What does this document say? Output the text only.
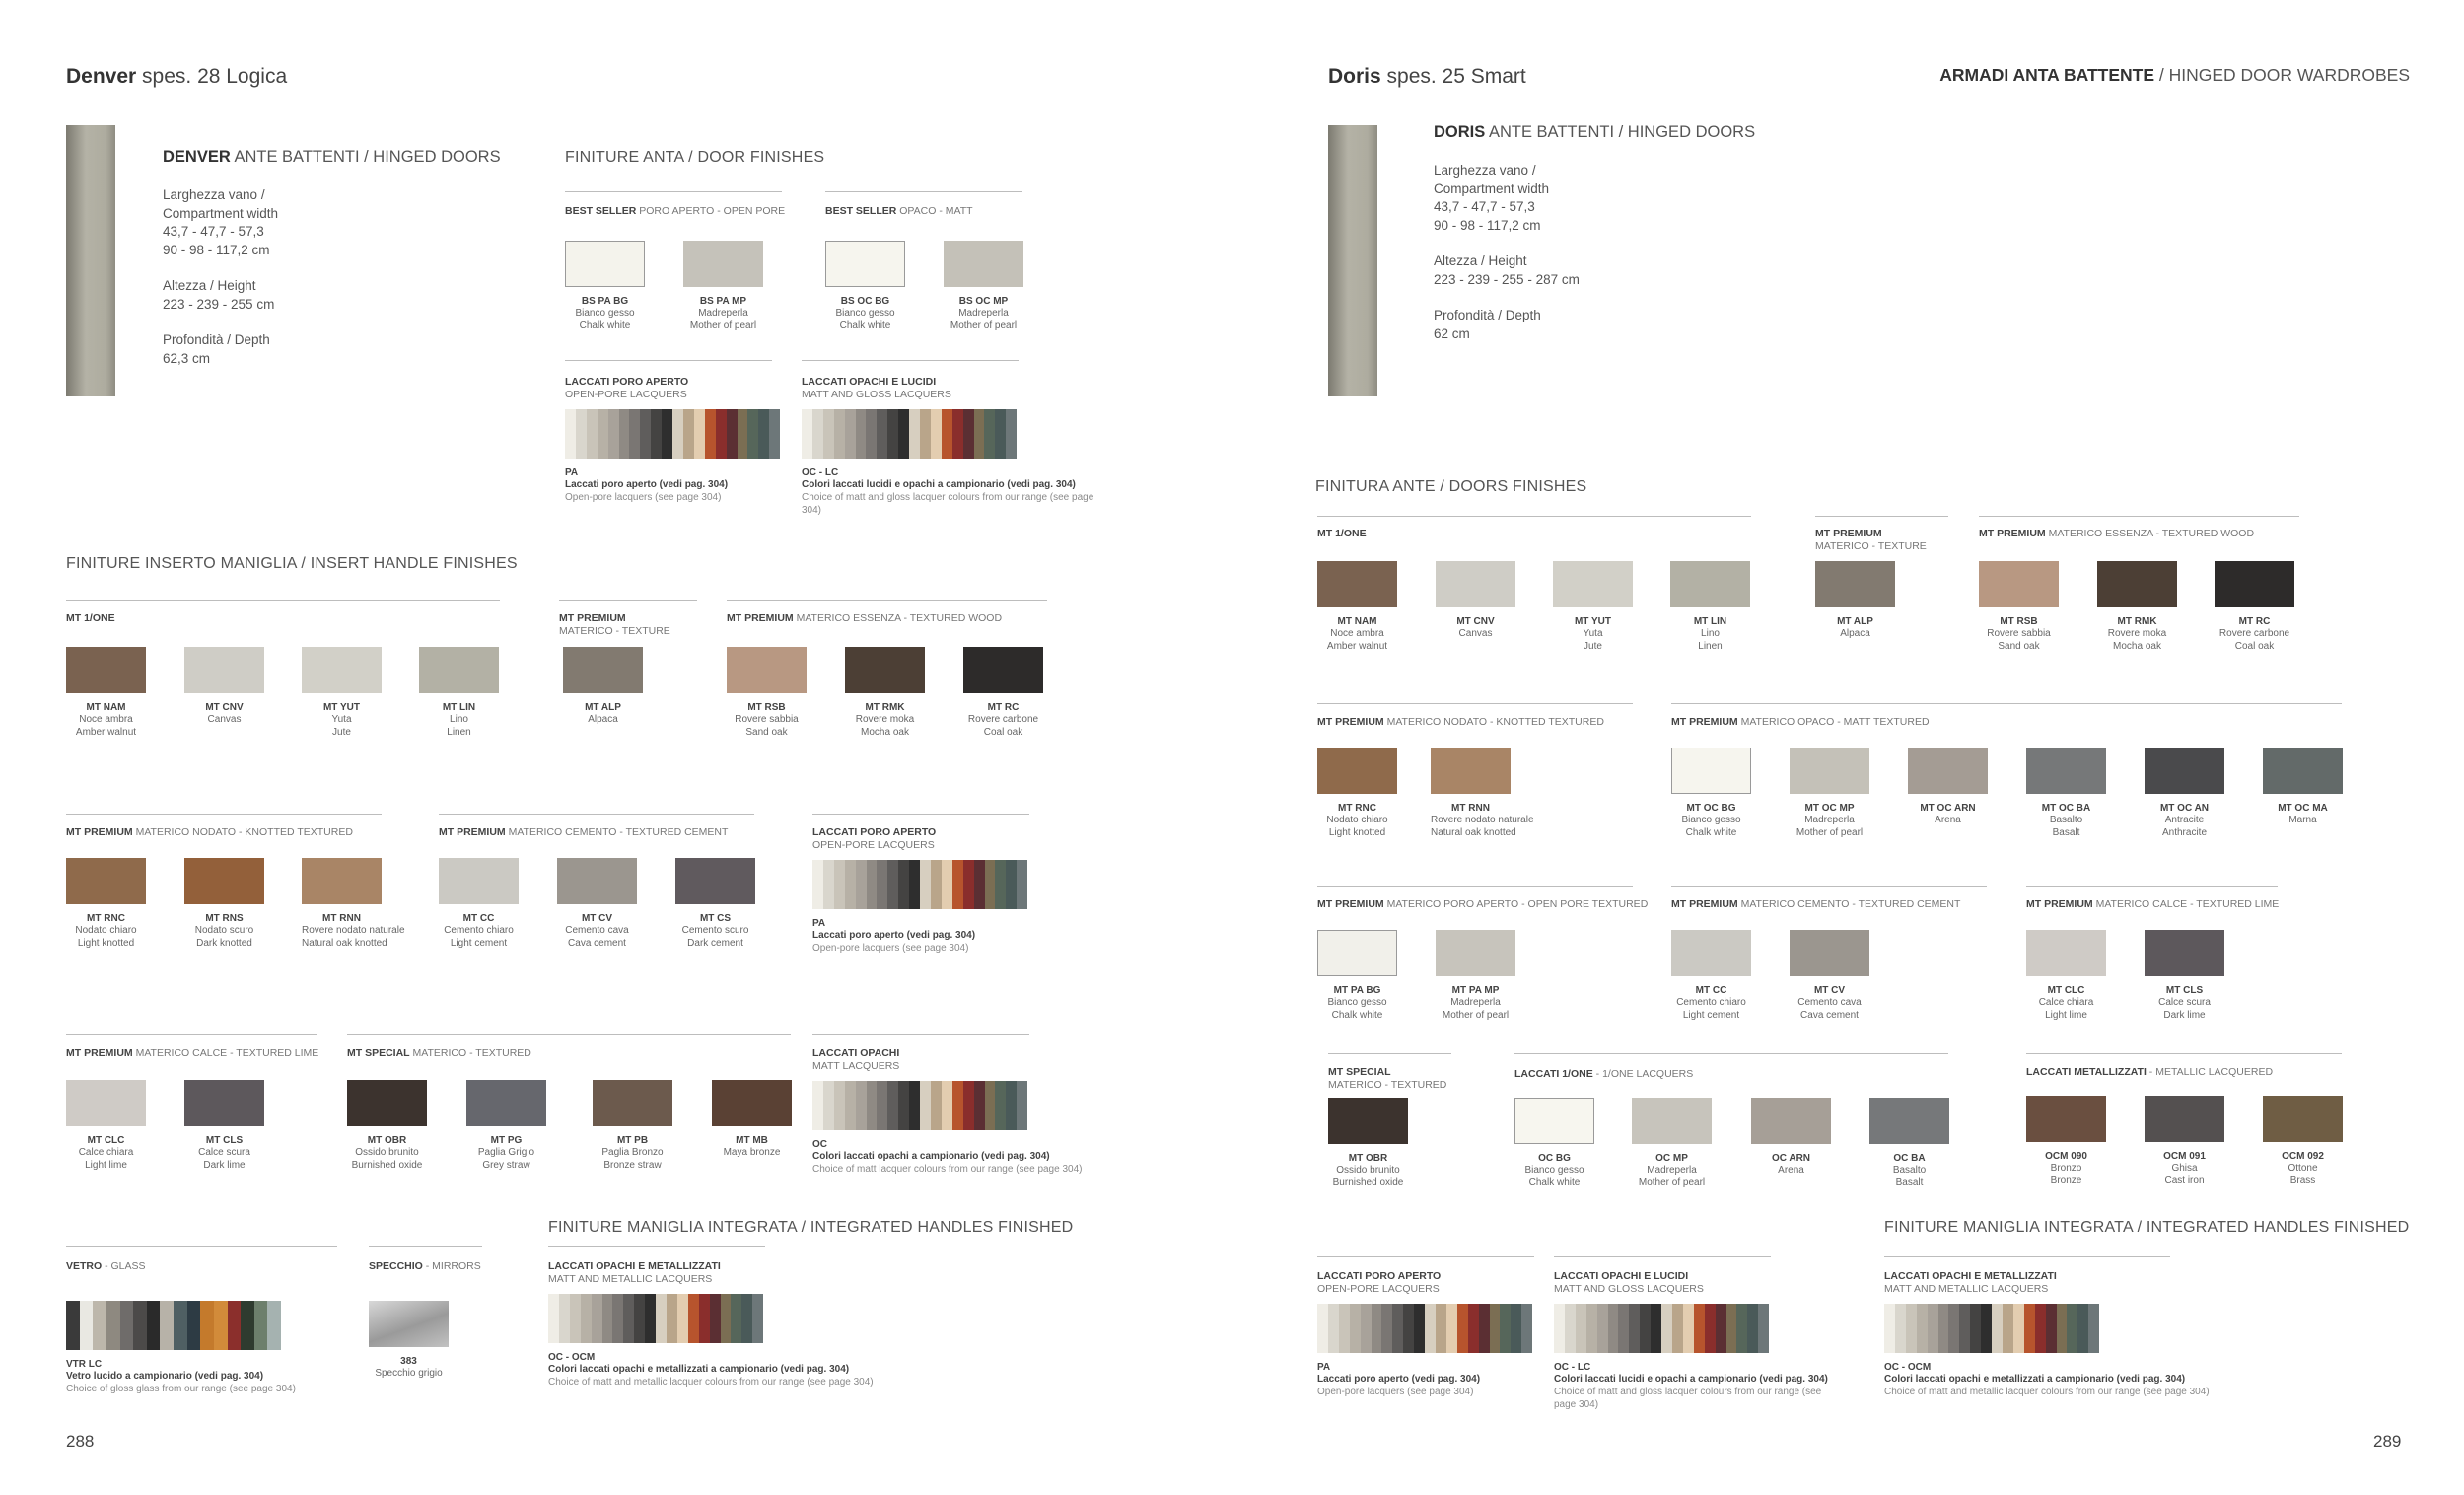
Denver spes. 28 Logica
DENVER ANTE BATTENTI / HINGED DOORS
Larghezza vano /
Compartment width
43,7 - 47,7 - 57,3
90 - 98 - 117,2 cm
Altezza / Height
223 - 239 - 255 cm
Profondità / Depth
62,3 cm
FINITURE ANTA / DOOR FINISHES
BEST SELLER PORO APERTO - OPEN PORE	BEST SELLER OPACO - MATT
BS PA BG
Bianco gesso
Chalk white
BS PA MP
Madreperla
Mother of pearl
BS OC BG
Bianco gesso
Chalk white
BS OC MP
Madreperla
Mother of pearl
LACCATI PORO APERTO
OPEN-PORE LACQUERS
PA
Laccati poro aperto (vedi pag. 304)
Open-pore lacquers (see page 304)
LACCATI OPACHI E LUCIDI
MATT AND GLOSS LACQUERS
OC - LC
Colori laccati lucidi e opachi a campionario (vedi pag. 304)
Choice of matt and gloss lacquer colours from our range (see page 304)
FINITURE INSERTO MANIGLIA / INSERT HANDLE FINISHES
MT 1/ONE	MT PREMIUM
MATERICO - TEXTURE
MT PREMIUM MATERICO ESSENZA - TEXTURED WOOD
MT NAM
Noce ambra
Amber walnut
MT CNV
Canvas
MT YUT
Yuta
Jute
MT LIN
Lino
Linen
MT ALP
Alpaca
MT RSB
Rovere sabbia
Sand oak
MT RMK
Rovere moka
Mocha oak
MT RC
Rovere carbone
Coal oak
MT PREMIUM MATERICO NODATO - KNOTTED TEXTURED	MT PREMIUM MATERICO CEMENTO - TEXTURED CEMENT	LACCATI PORO APERTO
OPEN-PORE LACQUERS
PA
Laccati poro aperto (vedi pag. 304)
Open-pore lacquers (see page 304)
MT RNC
Nodato chiaro
Light knotted
MT RNS
Nodato scuro
Dark knotted
MT RNN
Rovere nodato naturale
Natural oak knotted
MT CC
Cemento chiaro
Light cement
MT CV
Cemento cava
Cava cement
MT CS
Cemento scuro
Dark cement
MT PREMIUM MATERICO CALCE - TEXTURED LIME	MT SPECIAL MATERICO - TEXTURED	LACCATI OPACHI
MATT LACQUERS
OC
Colori laccati opachi a campionario (vedi pag. 304)
Choice of matt lacquer colours from our range (see page 304)
MT CLC
Calce chiara
Light lime
MT CLS
Calce scura
Dark lime
MT OBR
Ossido brunito
Burnished oxide
MT PG
Paglia Grigio
Grey straw
MT PB
Paglia Bronzo
Bronze straw
MT MB
Maya bronze
FINITURE MANIGLIA INTEGRATA / INTEGRATED HANDLES FINISHED
VETRO - GLASS
VTR LC
Vetro lucido a campionario (vedi pag. 304)
Choice of gloss glass from our range (see page 304)
SPECCHIO - MIRRORS
383
Specchio grigio
LACCATI OPACHI E METALLIZZATI
MATT AND METALLIC LACQUERS
OC - OCM
Colori laccati opachi e metallizzati a campionario (vedi pag. 304)
Choice of matt and metallic lacquer colours from our range (see page 304)
288
Doris spes. 25 Smart	ARMADI ANTA BATTENTE / HINGED DOOR WARDROBES
DORIS ANTE BATTENTI / HINGED DOORS
Larghezza vano /
Compartment width
43,7 - 47,7 - 57,3
90 - 98 - 117,2 cm
Altezza / Height
223 - 239 - 255 - 287 cm
Profondità / Depth
62 cm
FINITURA ANTE / DOORS FINISHES
MT 1/ONE	MT PREMIUM
MATERICO - TEXTURE
MT PREMIUM MATERICO ESSENZA - TEXTURED WOOD
MT NAM
Noce ambra
Amber walnut
MT CNV
Canvas
MT YUT
Yuta
Jute
MT LIN
Lino
Linen
MT ALP
Alpaca
MT RSB
Rovere sabbia
Sand oak
MT RMK
Rovere moka
Mocha oak
MT RC
Rovere carbone
Coal oak
MT PREMIUM MATERICO NODATO - KNOTTED TEXTURED	MT PREMIUM MATERICO OPACO - MATT TEXTURED
MT RNC
Nodato chiaro
Light knotted
MT RNN
Rovere nodato naturale
Natural oak knotted
MT OC BG
Bianco gesso
Chalk white
MT OC MP
Madreperla
Mother of pearl
MT OC ARN
Arena
MT OC BA
Basalto
Basalt
MT OC AN
Antracite
Anthracite
MT OC MA
Marna
MT PREMIUM MATERICO PORO APERTO - OPEN PORE TEXTURED MT PREMIUM MATERICO CEMENTO - TEXTURED CEMENT	MT PREMIUM MATERICO CALCE - TEXTURED LIME
MT PA BG
Bianco gesso
Chalk white
MT PA MP
Madreperla
Mother of pearl
MT CC
Cemento chiaro
Light cement
MT CV
Cemento cava
Cava cement
MT CLC
Calce chiara
Light lime
MT CLS
Calce scura
Dark lime
MT SPECIAL
MATERICO - TEXTURED
LACCATI 1/ONE - 1/ONE LACQUERS	LACCATI METALLIZZATI - METALLIC LACQUERED
MT OBR
Ossido brunito
Burnished oxide
OC BG
Bianco gesso
Chalk white
OC MP
Madreperla
Mother of pearl
OC ARN
Arena
OC BA
Basalto
Basalt
OCM 090
Bronzo
Bronze
OCM 091
Ghisa
Cast iron
OCM 092
Ottone
Brass
FINITURE MANIGLIA INTEGRATA / INTEGRATED HANDLES FINISHED
LACCATI PORO APERTO
OPEN-PORE LACQUERS
PA
Laccati poro aperto (vedi pag. 304)
Open-pore lacquers (see page 304)
LACCATI OPACHI E LUCIDI
MATT AND GLOSS LACQUERS
OC - LC
Colori laccati lucidi e opachi a campionario (vedi pag. 304)
Choice of matt and gloss lacquer colours from our range (see page 304)
LACCATI OPACHI E METALLIZZATI
MATT AND METALLIC LACQUERS
OC - OCM
Colori laccati opachi e metallizzati a campionario (vedi pag. 304)
Choice of matt and metallic lacquer colours from our range (see page 304)
289
